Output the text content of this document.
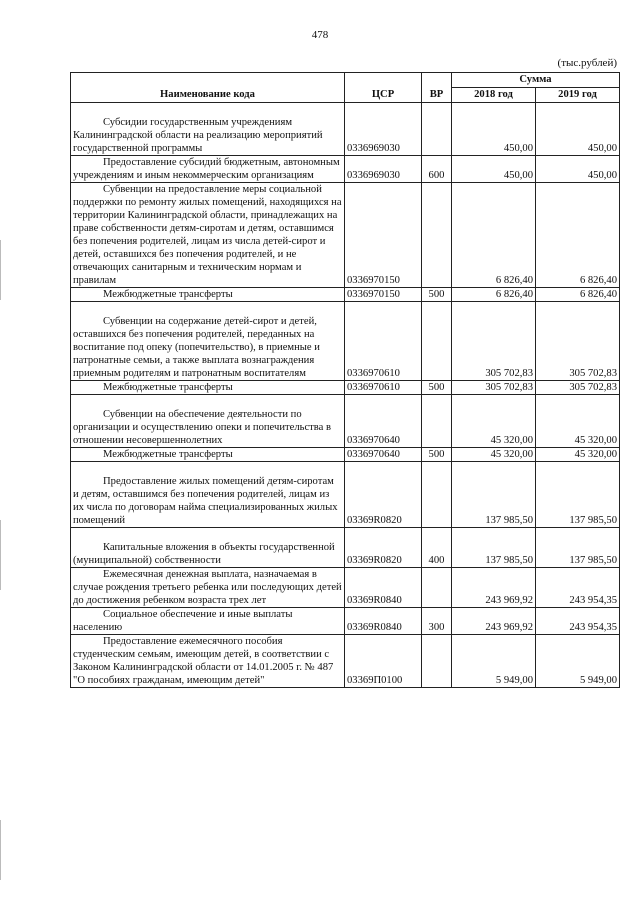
478
(тыс.рублей)
Наименование кода	ЦСР	ВР	Сумма	
			2018 год	2019 год

Субсидии государственным учреждениям Калининградской области на реализацию мероприятий государственной программы	0336969030		450,00	450,00
Предоставление субсидий бюджетным, автономным учреждениям и иным некоммерческим организациям	0336969030	600	450,00	450,00
Субвенции на предоставление меры социальной поддержки по ремонту жилых помещений, находящихся на территории Калининградской области, принадлежащих на праве собственности детям-сиротам и детям, оставшимся без попечения родителей, лицам из числа детей-сирот и детей, оставшихся без попечения родителей, и не отвечающих санитарным и техническим нормам и правилам	0336970150		6 826,40	6 826,40
Межбюджетные трансферты	0336970150	500	6 826,40	6 826,40

Субвенции на содержание детей-сирот и детей, оставшихся без попечения родителей, переданных на воспитание под опеку (попечительство), в приемные и патронатные семьи, а также выплата вознаграждения приемным родителям и патронатным воспитателям	0336970610		305 702,83	305 702,83
Межбюджетные трансферты	0336970610	500	305 702,83	305 702,83

Субвенции на обеспечение деятельности по организации и осуществлению опеки и попечительства в отношении несовершеннолетних	0336970640		45 320,00	45 320,00
Межбюджетные трансферты	0336970640	500	45 320,00	45 320,00

Предоставление жилых помещений детям-сиротам и детям, оставшимся без попечения родителей, лицам из их числа по договорам найма специализированных жилых помещений	03369R0820		137 985,50	137 985,50

Капитальные вложения в объекты государственной (муниципальной) собственности	03369R0820	400	137 985,50	137 985,50
Ежемесячная денежная выплата, назначаемая в случае рождения третьего ребенка или последующих детей до достижения ребенком возраста трех лет	03369R0840		243 969,92	243 954,35
Социальное обеспечение и иные выплаты населению	03369R0840	300	243 969,92	243 954,35
Предоставление ежемесячного пособия студенческим семьям, имеющим детей, в соответствии с Законом Калининградской области от 14.01.2005 г. № 487 "О пособиях гражданам, имеющим детей"	03369П0100		5 949,00	5 949,00
